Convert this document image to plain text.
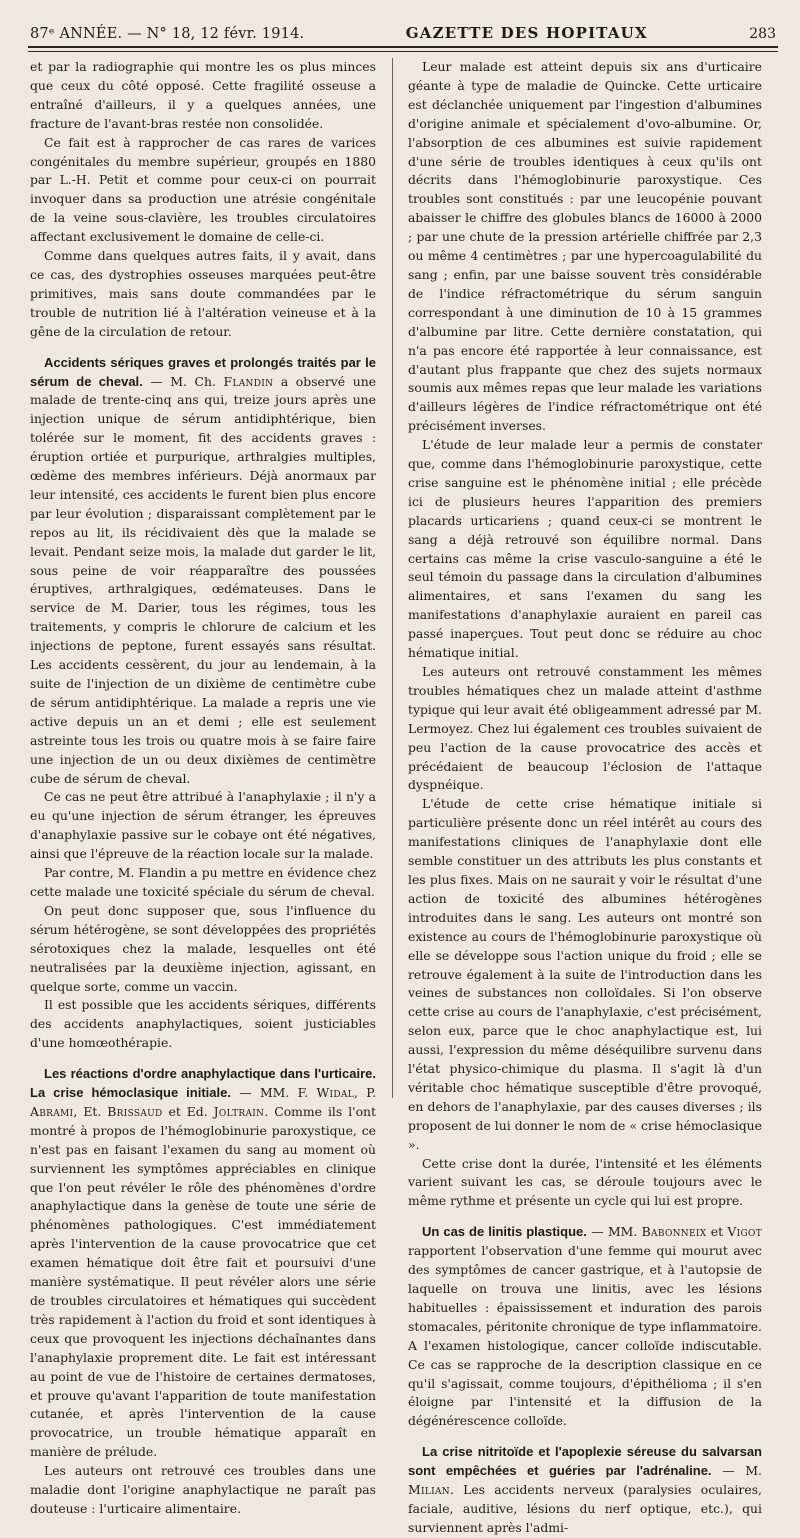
87ᵉ ANNÉE. — N° 18, 12 févr. 1914.	GAZETTE DES HOPITAUX	283

et par la radiographie qui montre les os plus minces que ceux du côté opposé. Cette fragilité osseuse a entraîné d'ailleurs, il y a quelques années, une fracture de l'avant-bras restée non consolidée.

Ce fait est à rapprocher de cas rares de varices congénitales du membre supérieur, groupés en 1880 par L.-H. Petit et comme pour ceux-ci on pourrait invoquer dans sa production une atrésie congénitale de la veine sous-clavière, les troubles circulatoires affectant exclusivement le domaine de celle-ci.

Comme dans quelques autres faits, il y avait, dans ce cas, des dystrophies osseuses marquées peut-être primitives, mais sans doute commandées par le trouble de nutrition lié à l'altération veineuse et à la gêne de la circulation de retour.

Accidents sériques graves et prolongés traités par le sérum de cheval. — M. Ch. Flandin a observé une malade de trente-cinq ans qui, treize jours après une injection unique de sérum antidiphtérique, bien tolérée sur le moment, fit des accidents graves : éruption ortiée et purpurique, arthralgies multiples, œdème des membres inférieurs. Déjà anormaux par leur intensité, ces accidents le furent bien plus encore par leur évolution ; disparaissant complètement par le repos au lit, ils récidivaient dès que la malade se levait. Pendant seize mois, la malade dut garder le lit, sous peine de voir réapparaître des poussées éruptives, arthralgiques, œdémateuses. Dans le service de M. Darier, tous les régimes, tous les traitements, y compris le chlorure de calcium et les injections de peptone, furent essayés sans résultat. Les accidents cessèrent, du jour au lendemain, à la suite de l'injection de un dixième de centimètre cube de sérum antidiphtérique. La malade a repris une vie active depuis un an et demi ; elle est seulement astreinte tous les trois ou quatre mois à se faire faire une injection de un ou deux dixièmes de centimètre cube de sérum de cheval.

Ce cas ne peut être attribué à l'anaphylaxie ; il n'y a eu qu'une injection de sérum étranger, les épreuves d'anaphylaxie passive sur le cobaye ont été négatives, ainsi que l'épreuve de la réaction locale sur la malade.

Par contre, M. Flandin a pu mettre en évidence chez cette malade une toxicité spéciale du sérum de cheval.

On peut donc supposer que, sous l'influence du sérum hétérogène, se sont développées des propriétés sérotoxiques chez la malade, lesquelles ont été neutralisées par la deuxième injection, agissant, en quelque sorte, comme un vaccin.

Il est possible que les accidents sériques, différents des accidents anaphylactiques, soient justiciables d'une homœothérapie.

Les réactions d'ordre anaphylactique dans l'urticaire. La crise hémoclasique initiale. — MM. F. Widal, P. Abrami, Et. Brissaud et Ed. Joltrain. Comme ils l'ont montré à propos de l'hémoglobinurie paroxystique, ce n'est pas en faisant l'examen du sang au moment où surviennent les symptômes appréciables en clinique que l'on peut révéler le rôle des phénomènes d'ordre anaphylactique dans la genèse de toute une série de phénomènes pathologiques. C'est immédiatement après l'intervention de la cause provocatrice que cet examen hématique doit être fait et poursuivi d'une manière systématique. Il peut révéler alors une série de troubles circulatoires et hématiques qui succèdent très rapidement à l'action du froid et sont identiques à ceux que provoquent les injections déchaînantes dans l'anaphylaxie proprement dite. Le fait est intéressant au point de vue de l'histoire de certaines dermatoses, et prouve qu'avant l'apparition de toute manifestation cutanée, et après l'intervention de la cause provocatrice, un trouble hématique apparaît en manière de prélude.

Les auteurs ont retrouvé ces troubles dans une maladie dont l'origine anaphylactique ne paraît pas douteuse : l'urticaire alimentaire.

Leur malade est atteint depuis six ans d'urticaire géante à type de maladie de Quincke. Cette urticaire est déclanchée uniquement par l'ingestion d'albumines d'origine animale et spécialement d'ovo-albumine. Or, l'absorption de ces albumines est suivie rapidement d'une série de troubles identiques à ceux qu'ils ont décrits dans l'hémoglobinurie paroxystique. Ces troubles sont constitués : par une leucopénie pouvant abaisser le chiffre des globules blancs de 16000 à 2000 ; par une chute de la pression artérielle chiffrée par 2,3 ou même 4 centimètres ; par une hypercoagulabilité du sang ; enfin, par une baisse souvent très considérable de l'indice réfractométrique du sérum sanguin correspondant à une diminution de 10 à 15 grammes d'albumine par litre. Cette dernière constatation, qui n'a pas encore été rapportée à leur connaissance, est d'autant plus frappante que chez des sujets normaux soumis aux mêmes repas que leur malade les variations d'ailleurs légères de l'indice réfractométrique ont été précisément inverses.

L'étude de leur malade leur a permis de constater que, comme dans l'hémoglobinurie paroxystique, cette crise sanguine est le phénomène initial ; elle précède ici de plusieurs heures l'apparition des premiers placards urticariens ; quand ceux-ci se montrent le sang a déjà retrouvé son équilibre normal. Dans certains cas même la crise vasculo-sanguine a été le seul témoin du passage dans la circulation d'albumines alimentaires, et sans l'examen du sang les manifestations d'anaphylaxie auraient en pareil cas passé inaperçues. Tout peut donc se réduire au choc hématique initial.

Les auteurs ont retrouvé constamment les mêmes troubles hématiques chez un malade atteint d'asthme typique qui leur avait été obligeamment adressé par M. Lermoyez. Chez lui également ces troubles suivaient de peu l'action de la cause provocatrice des accès et précédaient de beaucoup l'éclosion de l'attaque dyspnéique.

L'étude de cette crise hématique initiale si particulière présente donc un réel intérêt au cours des manifestations cliniques de l'anaphylaxie dont elle semble constituer un des attributs les plus constants et les plus fixes. Mais on ne saurait y voir le résultat d'une action de toxicité des albumines hétérogènes introduites dans le sang. Les auteurs ont montré son existence au cours de l'hémoglobinurie paroxystique où elle se développe sous l'action unique du froid ; elle se retrouve également à la suite de l'introduction dans les veines de substances non colloïdales. Si l'on observe cette crise au cours de l'anaphylaxie, c'est précisément, selon eux, parce que le choc anaphylactique est, lui aussi, l'expression du même déséquilibre survenu dans l'état physico-chimique du plasma. Il s'agit là d'un véritable choc hématique susceptible d'être provoqué, en dehors de l'anaphylaxie, par des causes diverses ; ils proposent de lui donner le nom de « crise hémoclasique ».

Cette crise dont la durée, l'intensité et les éléments varient suivant les cas, se déroule toujours avec le même rythme et présente un cycle qui lui est propre.

Un cas de linitis plastique. — MM. Babonneix et Vigot rapportent l'observation d'une femme qui mourut avec des symptômes de cancer gastrique, et à l'autopsie de laquelle on trouva une linitis, avec les lésions habituelles : épaississement et induration des parois stomacales, péritonite chronique de type inflammatoire. A l'examen histologique, cancer colloïde indiscutable. Ce cas se rapproche de la description classique en ce qu'il s'agissait, comme toujours, d'épithélioma ; il s'en éloigne par l'intensité et la diffusion de la dégénérescence colloïde.

La crise nitritoïde et l'apoplexie séreuse du salvarsan sont empêchées et guéries par l'adrénaline. — M. Milian. Les accidents nerveux (paralysies oculaires, faciale, auditive, lésions du nerf optique, etc.), qui surviennent après l'admi-
